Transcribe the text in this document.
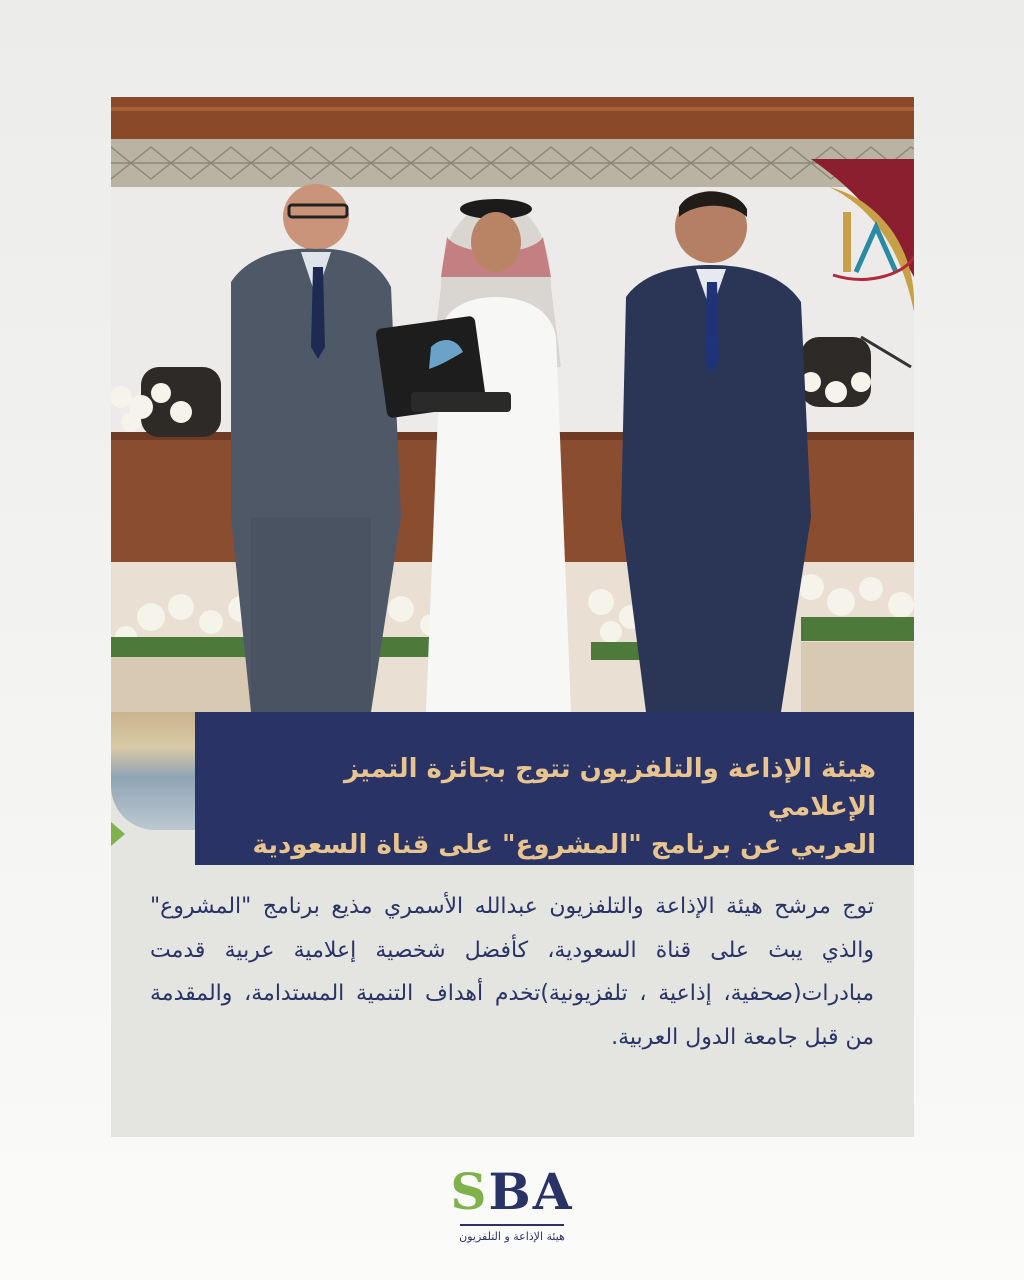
هيئة الإذاعة والتلفزيون تتوج بجائزة التميز الإعلامي
العربي عن برنامج "المشروع" على قناة السعودية

توج مرشح هيئة الإذاعة والتلفزيون عبدالله الأسمري مذيع برنامج "المشروع" والذي يبث على قناة السعودية، كأفضل شخصية إعلامية عربية قدمت مبادرات(صحفية، إذاعية ، تلفزيونية)تخدم أهداف التنمية المستدامة، والمقدمة من قبل جامعة الدول العربية.

SBA
هيئة الإذاعة و التلفزيون
